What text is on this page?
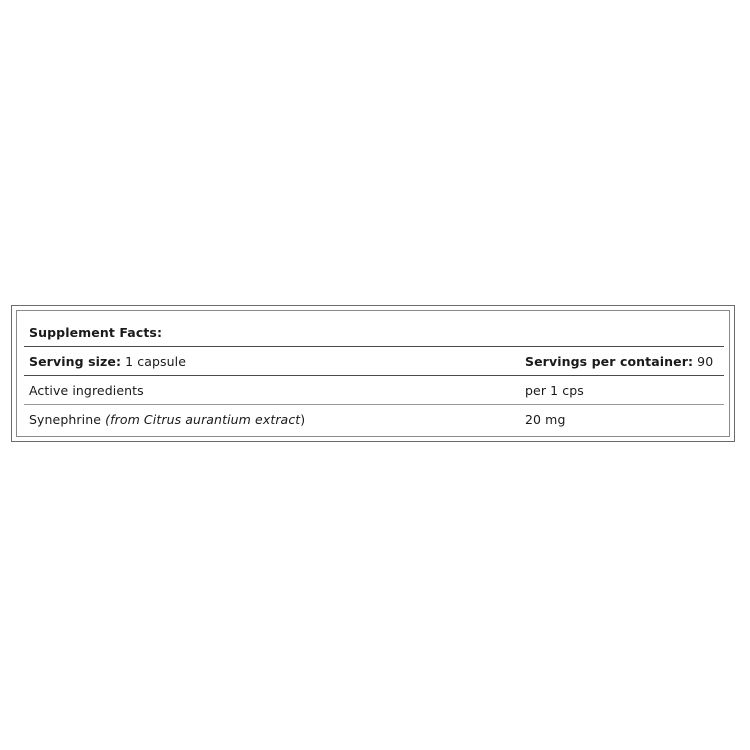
Supplement Facts:
Serving size: 1 capsule	Servings per container: 90
Active ingredients	per 1 cps
Synephrine (from Citrus aurantium extract)	20 mg
